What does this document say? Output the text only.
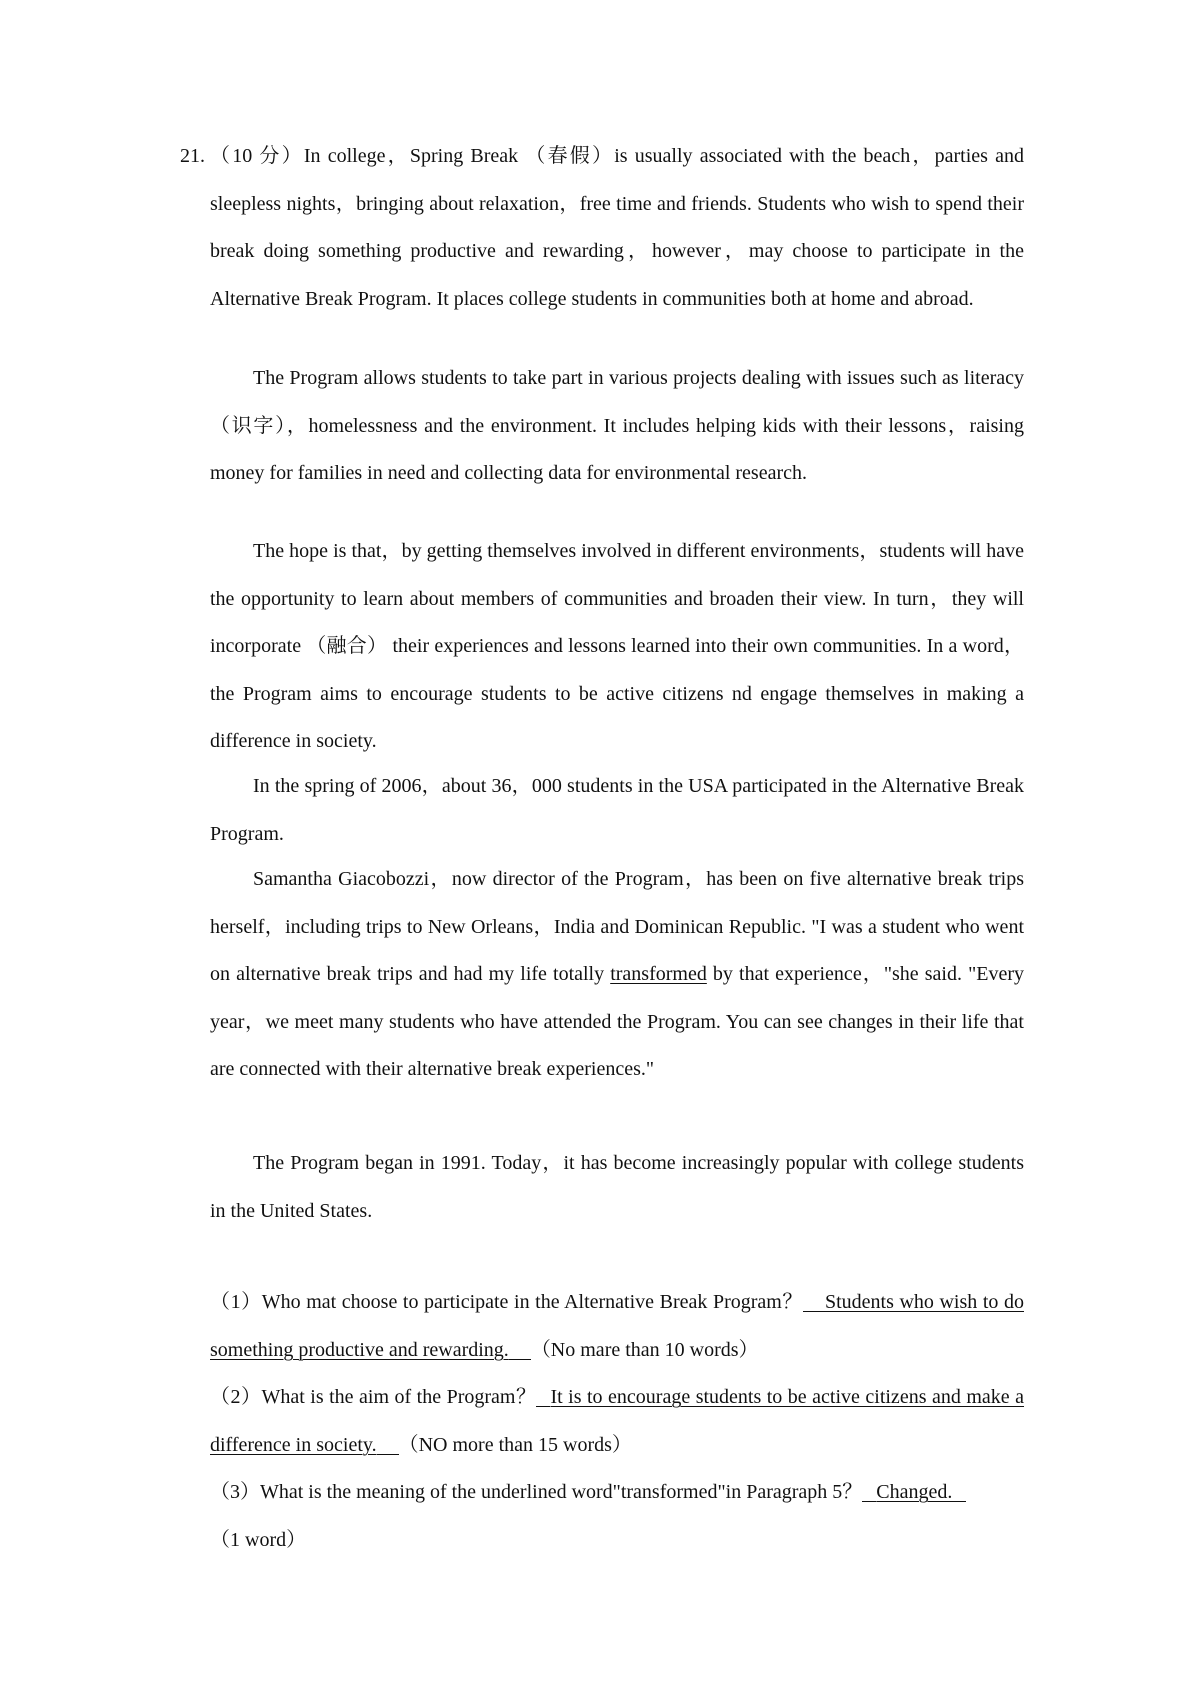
21. （10 分）In college，Spring Break （春假）is usually associated with the beach，parties and sleepless nights，bringing about relaxation，free time and friends. Students who wish to spend their break doing something productive and rewarding，however，may choose to participate in the Alternative Break Program. It places college students in communities both at home and abroad.

The Program allows students to take part in various projects dealing with issues such as literacy （识字），homelessness and the environment. It includes helping kids with their lessons，raising money for families in need and collecting data for environmental research.

The hope is that，by getting themselves involved in different environments，students will have the opportunity to learn about members of communities and broaden their view. In turn，they will incorporate （融合） their experiences and lessons learned into their own communities. In a word，the Program aims to encourage students to be active citizens nd engage themselves in making a difference in society.

In the spring of 2006，about 36，000 students in the USA participated in the Alternative Break Program.

Samantha Giacobozzi，now director of the Program，has been on five alternative break trips herself，including trips to New Orleans，India and Dominican Republic. "I was a student who went on alternative break trips and had my life totally transformed by that experience，"she said. "Every year，we meet many students who have attended the Program. You can see changes in their life that are connected with their alternative break experiences."

The Program began in 1991. Today，it has become increasingly popular with college students in the United States.

（1）Who mat choose to participate in the Alternative Break Program？ Students who wish to do something productive and rewarding. （No mare than 10 words）

（2）What is the aim of the Program？ It is to encourage students to be active citizens and make a difference in society. （NO more than 15 words）

（3）What is the meaning of the underlined word"transformed"in Paragraph 5？ Changed.
（1 word）
